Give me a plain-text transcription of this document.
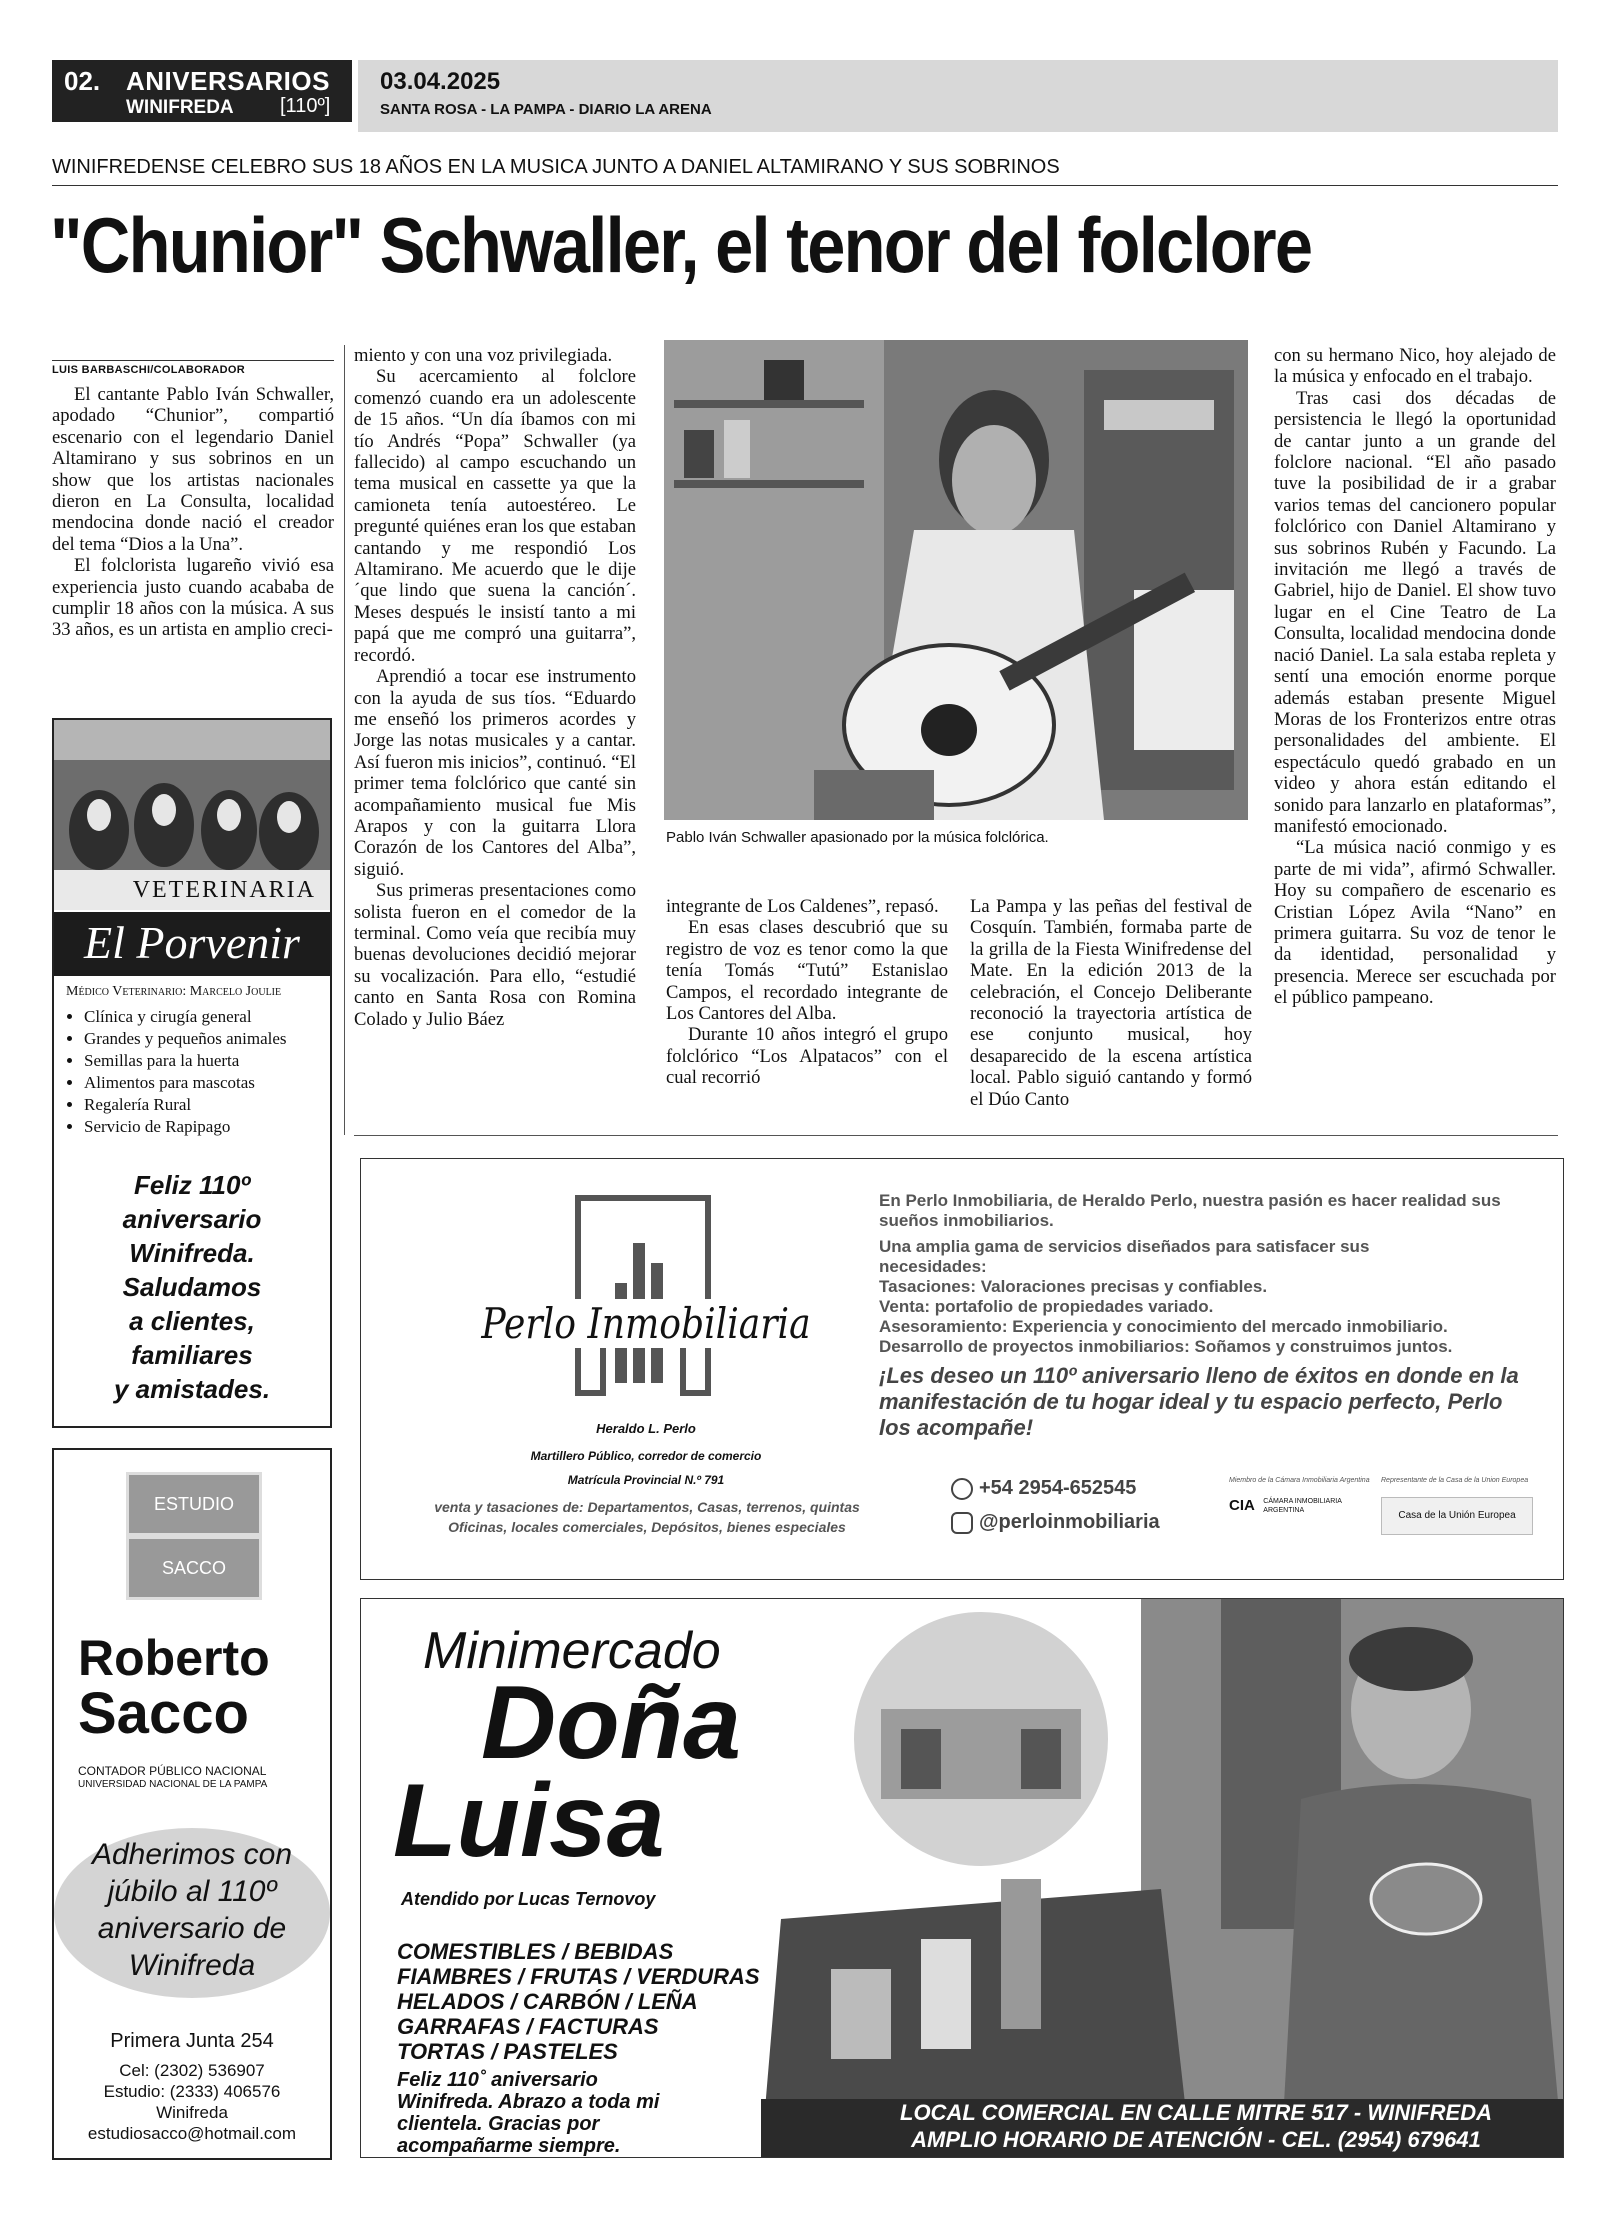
02. ANIVERSARIOS
WINIFREDA [110º]
03.04.2025
SANTA ROSA - LA PAMPA - DIARIO LA ARENA
WINIFREDENSE CELEBRO SUS 18 AÑOS EN LA MUSICA JUNTO A DANIEL ALTAMIRANO Y SUS SOBRINOS
"Chunior" Schwaller, el tenor del folclore
LUIS BARBASCHI/COLABORADOR

El cantante Pablo Iván Schwaller, apodado “Chunior”, compartió escenario con el legendario Daniel Altamirano y sus sobrinos en un show que los artistas nacionales dieron en La Consulta, localidad mendocina donde nació el creador del tema “Dios a la Una”.

El folclorista lugareño vivió esa experiencia justo cuando acababa de cumplir 18 años con la música. A sus 33 años, es un artista en amplio creci-

miento y con una voz privilegiada.

Su acercamiento al folclore comenzó cuando era un adolescente de 15 años. “Un día íbamos con mi tío Andrés “Popa” Schwaller (ya fallecido) al campo escuchando un tema musical en cassette ya que la camioneta tenía autoestéreo. Le pregunté quiénes eran los que estaban cantando y me respondió Los Altamirano. Me acuerdo que le dije ´que lindo que suena la canción´. Meses después le insistí tanto a mi papá que me compró una guitarra”, recordó.

Aprendió a tocar ese instrumento con la ayuda de sus tíos. “Eduardo me enseñó los primeros acordes y Jorge las notas musicales y a cantar. Así fueron mis inicios”, continuó. “El primer tema folclórico que canté sin acompañamiento musical fue Mis Arapos y con la guitarra Llora Corazón de los Cantores del Alba”, siguió.

Sus primeras presentaciones como solista fueron en el comedor de la terminal. Como veía que recibía muy buenas devoluciones decidió mejorar su vocalización. Para ello, “estudié canto en Santa Rosa con Romina Colado y Julio Báez

Pablo Iván Schwaller apasionado por la música folclórica.

integrante de Los Caldenes”, repasó.

En esas clases descubrió que su registro de voz es tenor como la que tenía Tomás “Tutú” Estanislao Campos, el recordado integrante de Los Cantores del Alba.

Durante 10 años integró el grupo folclórico “Los Alpatacos” con el cual recorrió

La Pampa y las peñas del festival de Cosquín. También, formaba parte de la grilla de la Fiesta Winifredense del Mate. En la edición 2013 de la celebración, el Concejo Deliberante reconoció la trayectoria artística de ese conjunto musical, hoy desaparecido de la escena artística local. Pablo siguió cantando y formó el Dúo Canto

con su hermano Nico, hoy alejado de la música y enfocado en el trabajo.

Tras casi dos décadas de persistencia le llegó la oportunidad de cantar junto a un grande del folclore nacional. “El año pasado tuve la posibilidad de ir a grabar varios temas del cancionero popular folclórico con Daniel Altamirano y sus sobrinos Rubén y Facundo. La invitación me llegó a través de Gabriel, hijo de Daniel. El show tuvo lugar en el Cine Teatro de La Consulta, localidad mendocina donde nació Daniel. La sala estaba repleta y sentí una emoción enorme porque además estaban presente Miguel Moras de los Fronterizos entre otras personalidades del ambiente. El espectáculo quedó grabado en un video y ahora están editando el sonido para lanzarlo en plataformas”, manifestó emocionado.

“La música nació conmigo y es parte de mi vida”, afirmó Schwaller. Hoy su compañero de escenario es Cristian López Avila “Nano” en primera guitarra. Su voz de tenor le da identidad, personalidad y presencia. Merece ser escuchada por el público pampeano.

VETERINARIA
El Porvenir
Médico Veterinario: Marcelo Joulie
• Clínica y cirugía general
• Grandes y pequeños animales
• Semillas para la huerta
• Alimentos para mascotas
• Regalería Rural
• Servicio de Rapipago
Feliz 110º
aniversario
Winifreda.
Saludamos
a clientes,
familiares
y amistades.
ESTUDIO
SACCO
Roberto
Sacco
CONTADOR PÚBLICO NACIONAL
UNIVERSIDAD NACIONAL DE LA PAMPA
Adherimos con
júbilo al 110º
aniversario de
Winifreda
Primera Junta 254
Cel: (2302) 536907
Estudio: (2333) 406576
Winifreda
estudiosacco@hotmail.com
Perlo Inmobiliaria
Heraldo L. Perlo
Martillero Público, corredor de comercio
Matrícula Provincial N.º 791
venta y tasaciones de: Departamentos, Casas, terrenos, quintas
Oficinas, locales comerciales, Depósitos, bienes especiales
En Perlo Inmobiliaria, de Heraldo Perlo, nuestra pasión es hacer realidad sus sueños inmobiliarios.
Una amplia gama de servicios diseñados para satisfacer sus necesidades:
Tasaciones: Valoraciones precisas y confiables.
Venta: portafolio de propiedades variado.
Asesoramiento: Experiencia y conocimiento del mercado inmobiliario.
Desarrollo de proyectos inmobiliarios: Soñamos y construimos juntos.
¡Les deseo un 110º aniversario lleno de éxitos en donde en la manifestación de tu hogar ideal y tu espacio perfecto, Perlo los acompañe!
+54 2954-652545
@perloinmobiliaria
Miembro de la Cámara Inmobiliaria Argentina
CIA CÁMARA INMOBILIARIA ARGENTINA
Representante de la Casa de la Union Europea
Casa de la Unión Europea
Minimercado
Doña
Luisa
Atendido por Lucas Ternovoy
COMESTIBLES / BEBIDAS
FIAMBRES / FRUTAS / VERDURAS
HELADOS / CARBÓN / LEÑA
GARRAFAS / FACTURAS
TORTAS / PASTELES
Feliz 110˚ aniversario
Winifreda. Abrazo a toda mi
clientela. Gracias por
acompañarme siempre.
LOCAL COMERCIAL EN CALLE MITRE 517 - WINIFREDA
AMPLIO HORARIO DE ATENCIÓN - CEL. (2954) 679641
